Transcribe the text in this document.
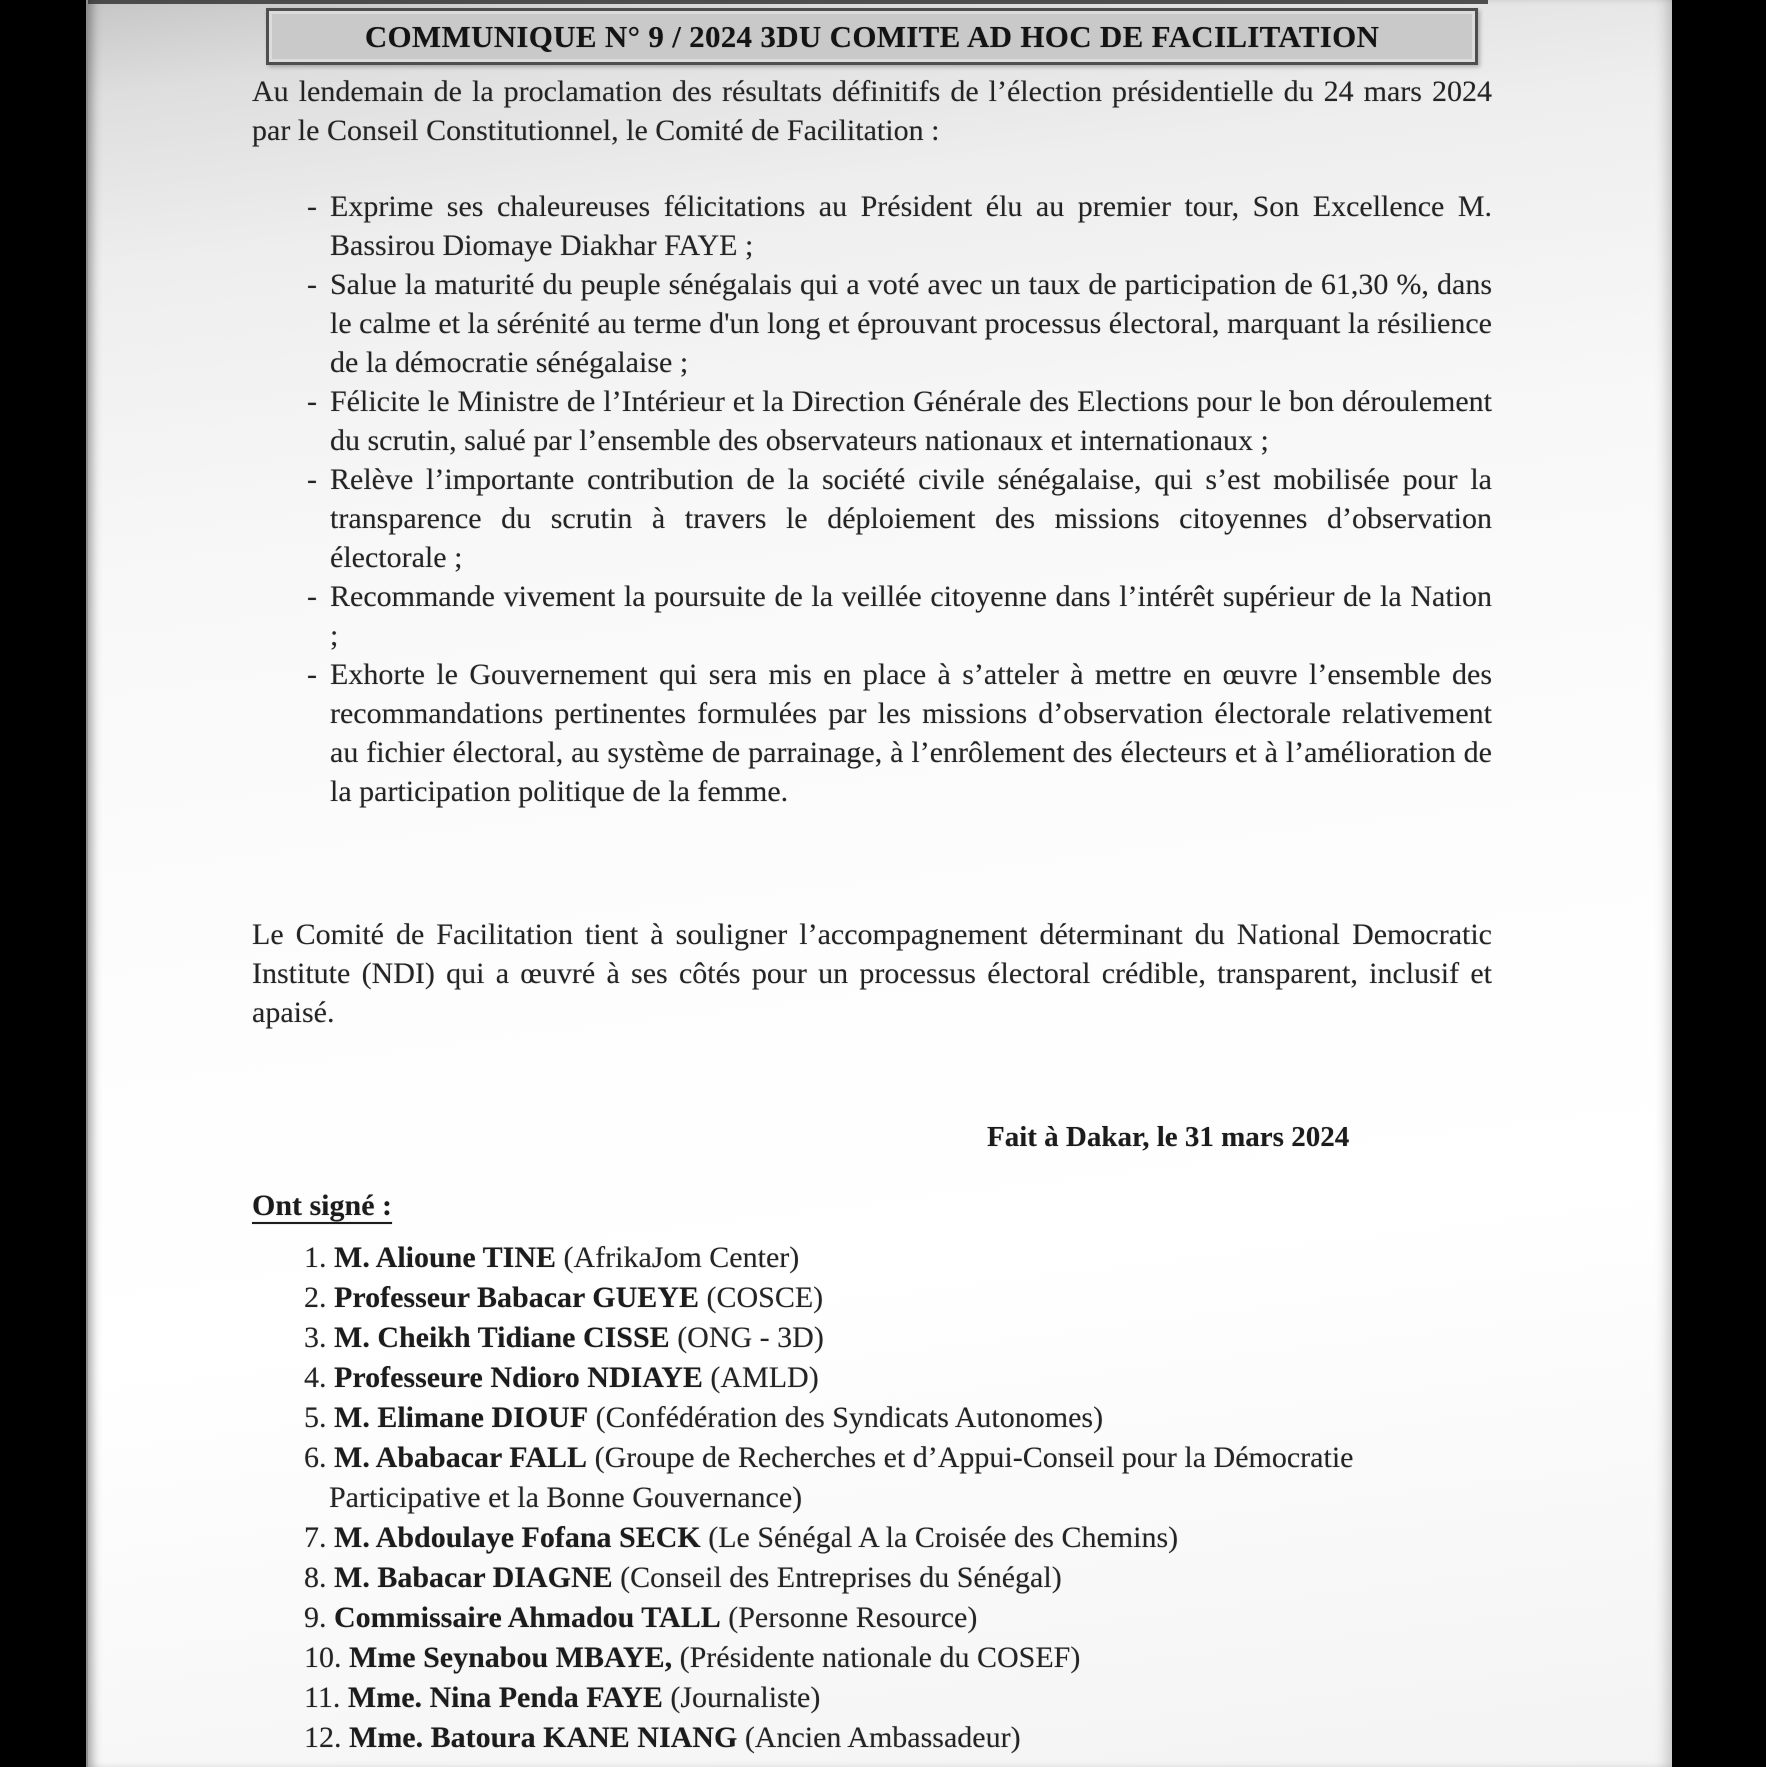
COMMUNIQUE N° 9 / 2024 3DU COMITE AD HOC DE FACILITATION

Au lendemain de la proclamation des résultats définitifs de l’élection présidentielle du 24 mars 2024 par le Conseil Constitutionnel, le Comité de Facilitation :

- Exprime ses chaleureuses félicitations au Président élu au premier tour, Son Excellence M. Bassirou Diomaye Diakhar FAYE ;

- Salue la maturité du peuple sénégalais qui a voté avec un taux de participation de 61,30 %, dans le calme et la sérénité au terme d'un long et éprouvant processus électoral, marquant la résilience de la démocratie sénégalaise ;

- Félicite le Ministre de l’Intérieur et la Direction Générale des Elections pour le bon déroulement du scrutin, salué par l’ensemble des observateurs nationaux et internationaux ;

- Relève l’importante contribution de la société civile sénégalaise, qui s’est mobilisée pour la transparence du scrutin à travers le déploiement des missions citoyennes d’observation électorale ;

- Recommande vivement la poursuite de la veillée citoyenne dans l’intérêt supérieur de la Nation ;

- Exhorte le Gouvernement qui sera mis en place à s’atteler à mettre en œuvre l’ensemble des recommandations pertinentes formulées par les missions d’observation électorale relativement au fichier électoral, au système de parrainage, à l’enrôlement des électeurs et à l’amélioration de la participation politique de la femme.

Le Comité de Facilitation tient à souligner l’accompagnement déterminant du National Democratic Institute (NDI) qui a œuvré à ses côtés pour un processus électoral crédible, transparent, inclusif et apaisé.

Fait à Dakar, le 31 mars 2024
Ont signé :
1. M. Alioune TINE (AfrikaJom Center)
2. Professeur Babacar GUEYE (COSCE)
3. M. Cheikh Tidiane CISSE (ONG - 3D)
4. Professeure Ndioro NDIAYE (AMLD)
5. M. Elimane DIOUF (Confédération des Syndicats Autonomes)
6. M. Ababacar FALL (Groupe de Recherches et d’Appui-Conseil pour la Démocratie Participative et la Bonne Gouvernance)
7. M. Abdoulaye Fofana SECK (Le Sénégal A la Croisée des Chemins)
8. M. Babacar DIAGNE (Conseil des Entreprises du Sénégal)
9. Commissaire Ahmadou TALL (Personne Resource)
10. Mme Seynabou MBAYE, (Présidente nationale du COSEF)
11. Mme. Nina Penda FAYE (Journaliste)
12. Mme. Batoura KANE NIANG (Ancien Ambassadeur)
